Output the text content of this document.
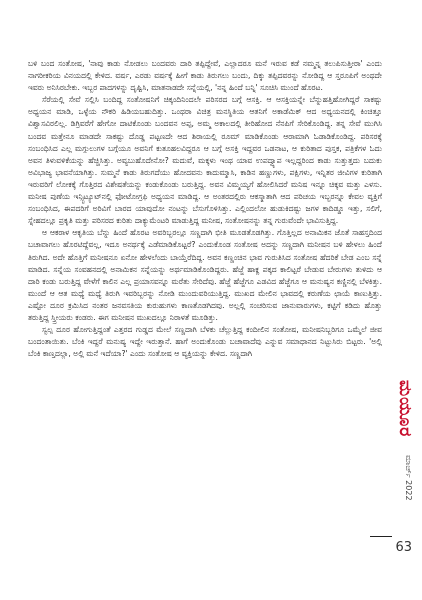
ಬಳಿ ಬಂದ ಸಂತೋಷ, 'ನಾವು ಕಾಡು ನೋಡಲು ಬಂದವರು ದಾರಿ ತಪ್ಪಿದ್ದೇವೆ, ಎಲ್ಲಾದರೂ ಮನೆ ಇರುವ ಕಡೆ ನಮ್ಮನ್ನ ತಲುಪಿಸುತ್ತೀರಾ' ಎಂದು ನಾಗರೀಕರಿಯ ವಿನಯದಲ್ಲಿ ಕೇಳಿದ. ವರ್ಷ, ಎರಡು ವರ್ಷಕ್ಕೆ ಹೀಗೆ ಕಾಡು ತಿರುಗಲು ಬಂದು, ದಿಕ್ಕು ತಪ್ಪಿದವರನ್ನು ನೋಡಿದ್ದ ಆ ಸ್ತರೂಪಿಗೆ ಅಂಥದೇ ಇವರು ಅನಿಸಿರಬೇಕು. ಇಬ್ಬರ ಪಾದಗಳನ್ನು ದೃಷ್ಟಿಸಿ, ಮಾತನಾಡದೇ ಸನ್ನೆಯಲ್ಲಿ, 'ನನ್ನ ಹಿಂದೆ ಬನ್ನಿ' ಸೂಚಿಸಿ ಮುಂದೆ ಹೊರಟ.

ಸೆರೆಯಲ್ಲಿ ಸೇವೆ ಸಲ್ಲಿಸಿ ಬಂದಿದ್ದ ಸಂತೋಷನಿಗೆ ಚಿಕ್ಕಂದಿನಿಂದಲೇ ಪರಿಸರದ ಬಗ್ಗೆ ಆಸಕ್ತಿ. ಆ ಆಸಕ್ತಿಯನ್ನೇ ಬೆನ್ನುಹತ್ತಿಹೋಗಿದ್ದರೆ ಸಾಕಷ್ಟು ಅಧ್ಯಯನ ಮಾಡಿ, ಒಳ್ಳೆಯ ನೌಕರಿ ಹಿಡಿಯಬಹುದಿತ್ತು. ಒಂಥರಾ ವಿಚಿತ್ರ ಮನಸ್ಥಿತಿಯ ಆತನಿಗೆ ಅಕಾಡೆಮಿಕ್ ಆದ ಅಧ್ಯಯನದಲ್ಲಿ ಕಿಂಚಿತ್ತೂ ವಿಶ್ವಾಸವಿರಲಿಲ್ಲ. ಡಿಗ್ರಿವರೆಗೆ ಹೇಗೋ ದಾಟಿಕೊಂಡು ಬಂದವನ ಅಪ್ಪ, ಅಮ್ಮ ಅಕಾಲದಲ್ಲಿ ತೀರಿಹೋದ ನೆನಪಿಗೆ ಸೇರಿಕೊಂಡಿದ್ದ. ತನ್ನ ಸೇವೆ ಮುಗಿಸಿ ಬಂದವ ಮತ್ತೇನೂ ಮಾಡದೇ ಸಾಕಷ್ಟು ದೊಡ್ಡ ಪಟ್ಟಣದೇ ಆದ ಶಿರಾಯಲ್ಲಿ ರೂಮ್ ಮಾಡಿಕೊಂಡು ಆರಾಮಾಗಿ ಓಡಾಡಿಕೊಂಡಿದ್ದ. ಪರಿಸರಕ್ಕೆ ಸಂಬಂಧಿಸಿದ ಎಲ್ಲ ಮಗ್ಗುಲುಗಳ ಬಗ್ಗೆಯೂ ಅವನಿಗೆ ಕುತೂಹಲವಿದ್ದರೂ ಆ ಬಗ್ಗೆ ಅಸಕ್ತಿ ಇದ್ದವರ ಒಡನಾಟ, ಆ ಕುರಿತಾದ ಪುಸ್ತಕ, ಪತ್ರಿಕೆಗಳ ಓದು ಅವನ ತಿಳುವಳಿಕೆಯನ್ನು ಹೆಚ್ಚಿಸಿತ್ತು. ಅವ್ಯಬುಹೊದೇನೋ? ಮದುವೆ, ಮಕ್ಕಳು ಇಂಥ ಯಾವ ಉಪದ್ವ್ಯಾಪ ಇಲ್ಲದ್ದರಿಂದ ಕಾಡು ಸುತ್ತುತ್ತದು ಬದುಕು ಅವಿಭಾಜ್ಯ ಭಾವನೆಯಾಗಿತ್ತು. ಸುಮ್ಮನೆ ಕಾಡು ತಿರುಗದೆಯು ಹೋದವನು ಕಾದುಮ್ಮಾಸಿ, ಕಾಡಿನ ಹಣ್ಣುಗಳು, ಪಕ್ಷಿಗಳು, ಇನ್ನಿತರ ಜೀವಿಗಳ ಕುರಿತಾಗಿ ಇರುವರಿಗೆ ಲೋಕಕ್ಕೆ ಗೊತ್ತಿರದ ವಿಶೇಷತೆಯನ್ನು ಕಂಡುಕೊಂಡು ಬರುತ್ತಿದ್ದ. ಅವನ ವಿಮ್ಮಯ್ಯಗೆ ಹೋಲಿಸಿದರೆ ಮನಿಷ ಇನ್ನೂ ಚಿಕ್ಕವ ಮತ್ತು ಎಳಸು. ಮನೀಷ ಪುಣೆಯ ಇನ್ಸ್ಟಿಟ್ಯೂಟ್‌ನಲ್ಲಿ ಫೋಟೋಗ್ರಫಿ ಅಧ್ಯಯನ ಮಾಡಿದ್ದ. ಆ ಅಂತರದಲ್ಲಿರು ಆಕಸ್ಮಾತಾಗಿ ಆದ ಪರಿಚಯ ಇಬ್ಬರನ್ನೂ ಕೇವಲ ವ್ಯಕ್ತಿಗೆ ಸಂಬಂಧಿಸಿದ, ಈಪದರಿಗೆ ಅರಿವಿಗೆ ಬಾರದ ಯಾವುದೋ ನಂಟನ್ನು ಬೆಸುಗೊಳಿಸಿತ್ತು. ಎಲ್ಲಿಂದಲೋ ಹುಡುಕಿದಷ್ಟು ಜಗಳ ಕಾದಿಡ್ಡೂ ಇತ್ತು, ಸಲಿಗೆ, ಸ್ನೇಹದಲ್ಲೂ ಪ್ರಕೃತಿ ಮತ್ತು ಪರಿಸರದ ಕುರಿತು ದಾಕ್ಯುಮೆಂಟರಿ ಮಾಡುತ್ತಿದ್ದ ಮನೀಷ, ಸಂತೋಷನನ್ನು ತನ್ನ ಗುರುವೆಂದೇ ಭಾವಿಸುತ್ತಿದ್ದ.

ಆ ಆಕರಾಳ ಆಕೃತಿಯ ಬೆನ್ನು ಹಿಂದೆ ಹೊರಟ ಅವರಿಬ್ಬರಲ್ಲೂ ಸಣ್ಣದಾಗಿ ಭೀತಿ ಮೂಡತೊಡಗಿತ್ತು. ಗೊತ್ತಿಲ್ಲದ ಅನಾಮಿಕನ ಜೊತೆ ಸಾಹಸ್ತದಿಂದ ಬಚಾವಾಗಲು ಹೊರಟಿದ್ದೆವಲ್ಲ, ಇದೂ ಅನರ್ಥಕ್ಕೆ ಎಡೆಮಾಡಿಕೊಟ್ಟರೆ? ಎಂದುಕೊಂಡ ಸಂತೋಷ ಅದನ್ನು ಸಣ್ಣದಾಗಿ ಮನೀಷನ ಬಳಿ ಹೇಳಲು ಹಿಂದೆ ತಿರುಗಿದ. ಅದೇ ಹೊತ್ತಿಗೆ ಮನೀಷನೂ ಏನೋ ಹೇಳಲೆಂದು ಬಾಯ್ತೆರೆದಿದ್ದ. ಅವನ ಕಣ್ಣಂಚಿನ ಭಾವ ಗುರುತಿಸಿದ ಸಂತೋಷ ಹೆದರಿಕೆ ಬೇಡ ಎಂಬ ಸನ್ನೆ ಮಾಡಿದ. ಸನ್ನೆಯ ಸಂವಹನದಲ್ಲಿ ಅನಾಮಿಕನ ಸನ್ನೆಯನ್ನು ಅರ್ಥಮಾಡಿಕೊಂಡಿದ್ದರು. ಹೆಜ್ಜೆ ಹಾಕ್ದ ಪಕ್ಕದ ಕಾಲಿಟ್ಟರೆ ಬೇಡುವ ಬೇರುಗಳು ತುಳಿದು ಆ ದಾರಿ ಕಂಡು ಬರುತ್ತಿದ್ದ ವೇಳೆಗೆ ಕಾಲಿನ ಎಲ್ಲ ಪ್ರಯಾಸವನ್ನೂ ಮರೆತು ಸೇರಿದೆವು. ಹೆಜ್ಜೆ ಹೆಜ್ಜೆಗೂ ಎಡವಿದ ಹೆಜ್ಜೆಗೂ ಆ ಮನುಷ್ಯನ ಕಣ್ಣಿನಲ್ಲಿ ಬೆಳಕಿತ್ತು. ಮುಂದೆ ಆ ಆತ ಮಧ್ಯೆ ಮಧ್ಯೆ ತಿರುಗಿ ಇವರಿಬ್ಬರನ್ನು ನೋಡಿ ಮುಂದುವರಿಯುತ್ತಿದ್ದ. ಮುಖದ ಮೇಲಿನ ಭಾವದಲ್ಲಿ ಕರುಣೆಯ ಛಾಯೆ ಕಾಣುತ್ತಿತ್ತು. ಎಷ್ಟೋ ದೂರ ಕ್ರಮಿಸಿದ ನಂತರ ಜನವಸತಿಯ ಕುರುಹುಗಳು ಕಾಣತೊಡಗಿದವು. ಅಲ್ಲಲ್ಲಿ ಸಂಚರಿಸುವ ಜಾನುವಾರುಗಳು, ಕಟ್ಟಿಗೆ ಕಡಿದು ಹೊತ್ತು ತರುತ್ತಿದ್ದ ಸ್ತ್ರೀಯರು ಕಂಡರು. ಈಗ ಮನೀಷನ ಮುಖದಲ್ಲೂ ನಿರಾಳತೆ ಮೂಡಿತ್ತು.

ಸ್ವಲ್ಪ ದೂರ ಹೋಗುತ್ತಿದ್ದಂತೆ ಎತ್ತರದ ಗುಡ್ಡದ ಮೇಲೆ ಸಣ್ಣದಾಗಿ ಬೆಳಕು ಚೆಲ್ಲುತ್ತಿದ್ದ ಕಂದೀಲಿನ ಸಂತೋಷ, ಮನೀಷನಿಬ್ಬರಿಗೂ ಒಮ್ಮೆಲೆ ಜೀವ ಬಂದಂತಾಯಿತು. ಬೆಂಕಿ ಇದ್ದರೆ ಮನುಷ್ಯ ಇದ್ದೇ ಇರುತ್ತಾನೆ. ಹಾಗೆ ಅಂದುಕೊಂಡು ಬಚಾವಾದೆವು ಎನ್ನುವ ಸಮಾಧಾನದ ನಿಟ್ಟುಸಿರು ಬಿಟ್ಟರು. 'ಅಲ್ಲಿ ಬೆಂಕಿ ಕಾಣ್ತದಲ್ಲಾ, ಅಲ್ಲಿ ಮನೆ ಇದೆಯಾ?' ಎಂದು ಸಂತೋಷ ಆ ವ್ಯಕ್ತಿಯನ್ನು ಕೇಳಿದ. ಸಣ್ಣದಾಗಿ

ಮಯೂರ
ಮಾರ್ಚ್ 2022
63
